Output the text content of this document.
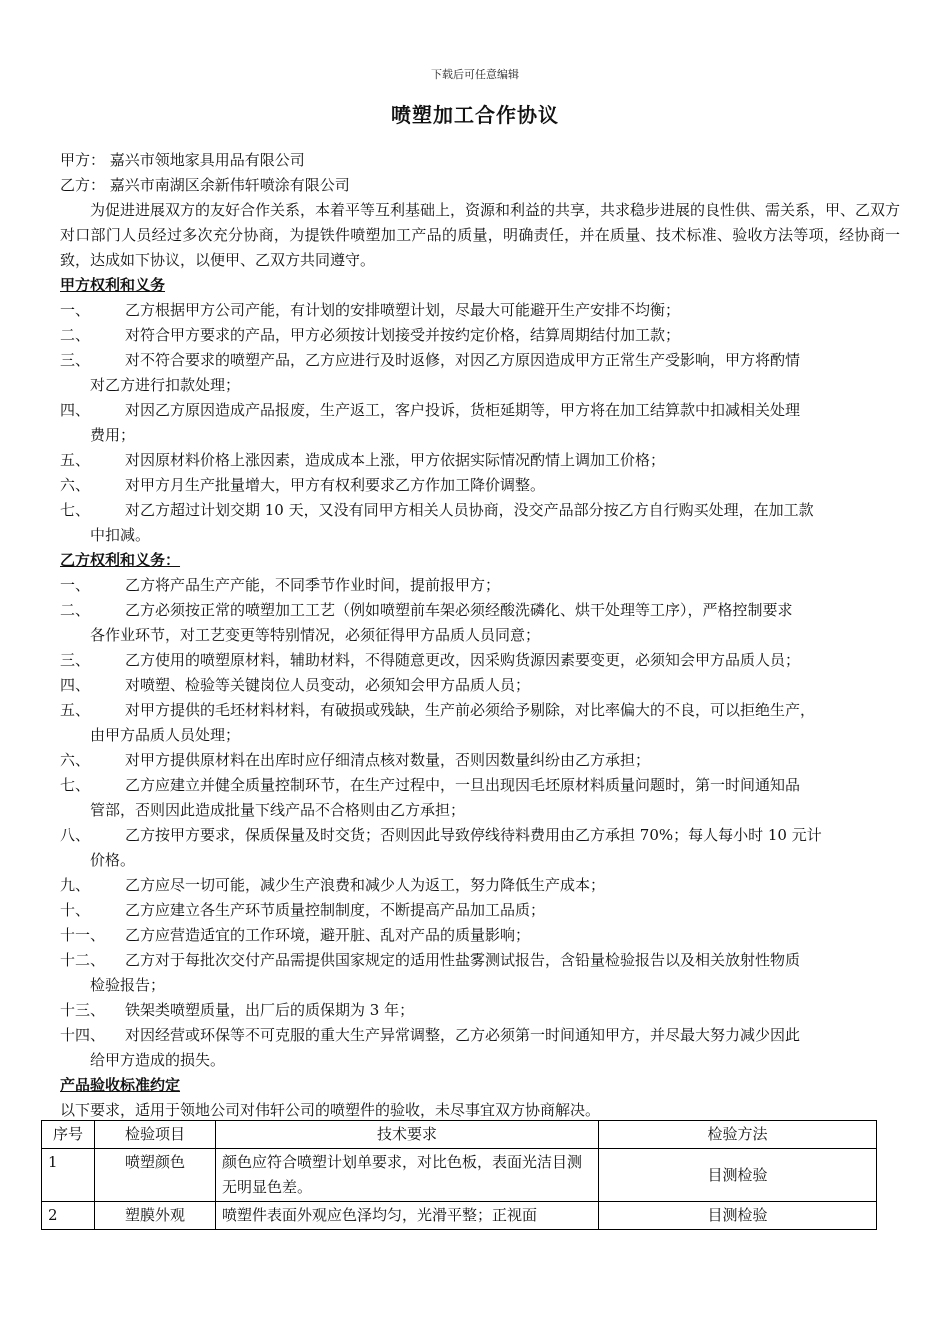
下载后可任意编辑
喷塑加工合作协议
甲方： 嘉兴市领地家具用品有限公司
乙方： 嘉兴市南湖区余新伟轩喷涂有限公司
为促进进展双方的友好合作关系，本着平等互利基础上，资源和利益的共享，共求稳步进展的良性供、需关系，甲、乙双方对口部门人员经过多次充分协商，为提铁件喷塑加工产品的质量，明确责任，并在质量、技术标准、验收方法等项，经协商一致，达成如下协议，以便甲、乙双方共同遵守。
甲方权利和义务
一、	乙方根据甲方公司产能，有计划的安排喷塑计划，尽最大可能避开生产安排不均衡；
二、	对符合甲方要求的产品，甲方必须按计划接受并按约定价格，结算周期结付加工款；
三、	对不符合要求的喷塑产品，乙方应进行及时返修，对因乙方原因造成甲方正常生产受影响，甲方将酌情
对乙方进行扣款处理；
四、	对因乙方原因造成产品报废，生产返工，客户投诉，货柜延期等，甲方将在加工结算款中扣减相关处理
费用；
五、	对因原材料价格上涨因素，造成成本上涨，甲方依据实际情况酌情上调加工价格；
六、	对甲方月生产批量增大，甲方有权利要求乙方作加工降价调整。
七、	对乙方超过计划交期 10 天，又没有同甲方相关人员协商，没交产品部分按乙方自行购买处理，在加工款
中扣减。
乙方权利和义务：
一、	乙方将产品生产产能，不同季节作业时间，提前报甲方；
二、	乙方必须按正常的喷塑加工工艺（例如喷塑前车架必须经酸洗磷化、烘干处理等工序），严格控制要求
各作业环节，对工艺变更等特别情况，必须征得甲方品质人员同意；
三、	乙方使用的喷塑原材料，辅助材料，不得随意更改，因采购货源因素要变更，必须知会甲方品质人员；
四、	对喷塑、检验等关键岗位人员变动，必须知会甲方品质人员；
五、	对甲方提供的毛坯材料材料，有破损或残缺，生产前必须给予剔除，对比率偏大的不良，可以拒绝生产，
由甲方品质人员处理；
六、	对甲方提供原材料在出库时应仔细清点核对数量，否则因数量纠纷由乙方承担；
七、	乙方应建立并健全质量控制环节，在生产过程中，一旦出现因毛坯原材料质量问题时，第一时间通知品
管部，否则因此造成批量下线产品不合格则由乙方承担；
八、	乙方按甲方要求，保质保量及时交货；否则因此导致停线待料费用由乙方承担 70%；每人每小时 10 元计
价格。
九、	乙方应尽一切可能，减少生产浪费和减少人为返工，努力降低生产成本；
十、	乙方应建立各生产环节质量控制制度，不断提高产品加工品质；
十一、	乙方应营造适宜的工作环境，避开脏、乱对产品的质量影响；
十二、	乙方对于每批次交付产品需提供国家规定的适用性盐雾测试报告，含铅量检验报告以及相关放射性物质
检验报告；
十三、	铁架类喷塑质量，出厂后的质保期为 3 年；
十四、	对因经营或环保等不可克服的重大生产异常调整，乙方必须第一时间通知甲方，并尽最大努力减少因此
给甲方造成的损失。
产品验收标准约定
以下要求，适用于领地公司对伟轩公司的喷塑件的验收，未尽事宜双方协商解决。
序号	检验项目	技术要求	检验方法
1	喷塑颜色	颜色应符合喷塑计划单要求，对比色板，表面光洁目测无明显色差。	目测检验
2	塑膜外观	喷塑件表面外观应色泽均匀，光滑平整；正视面	目测检验
